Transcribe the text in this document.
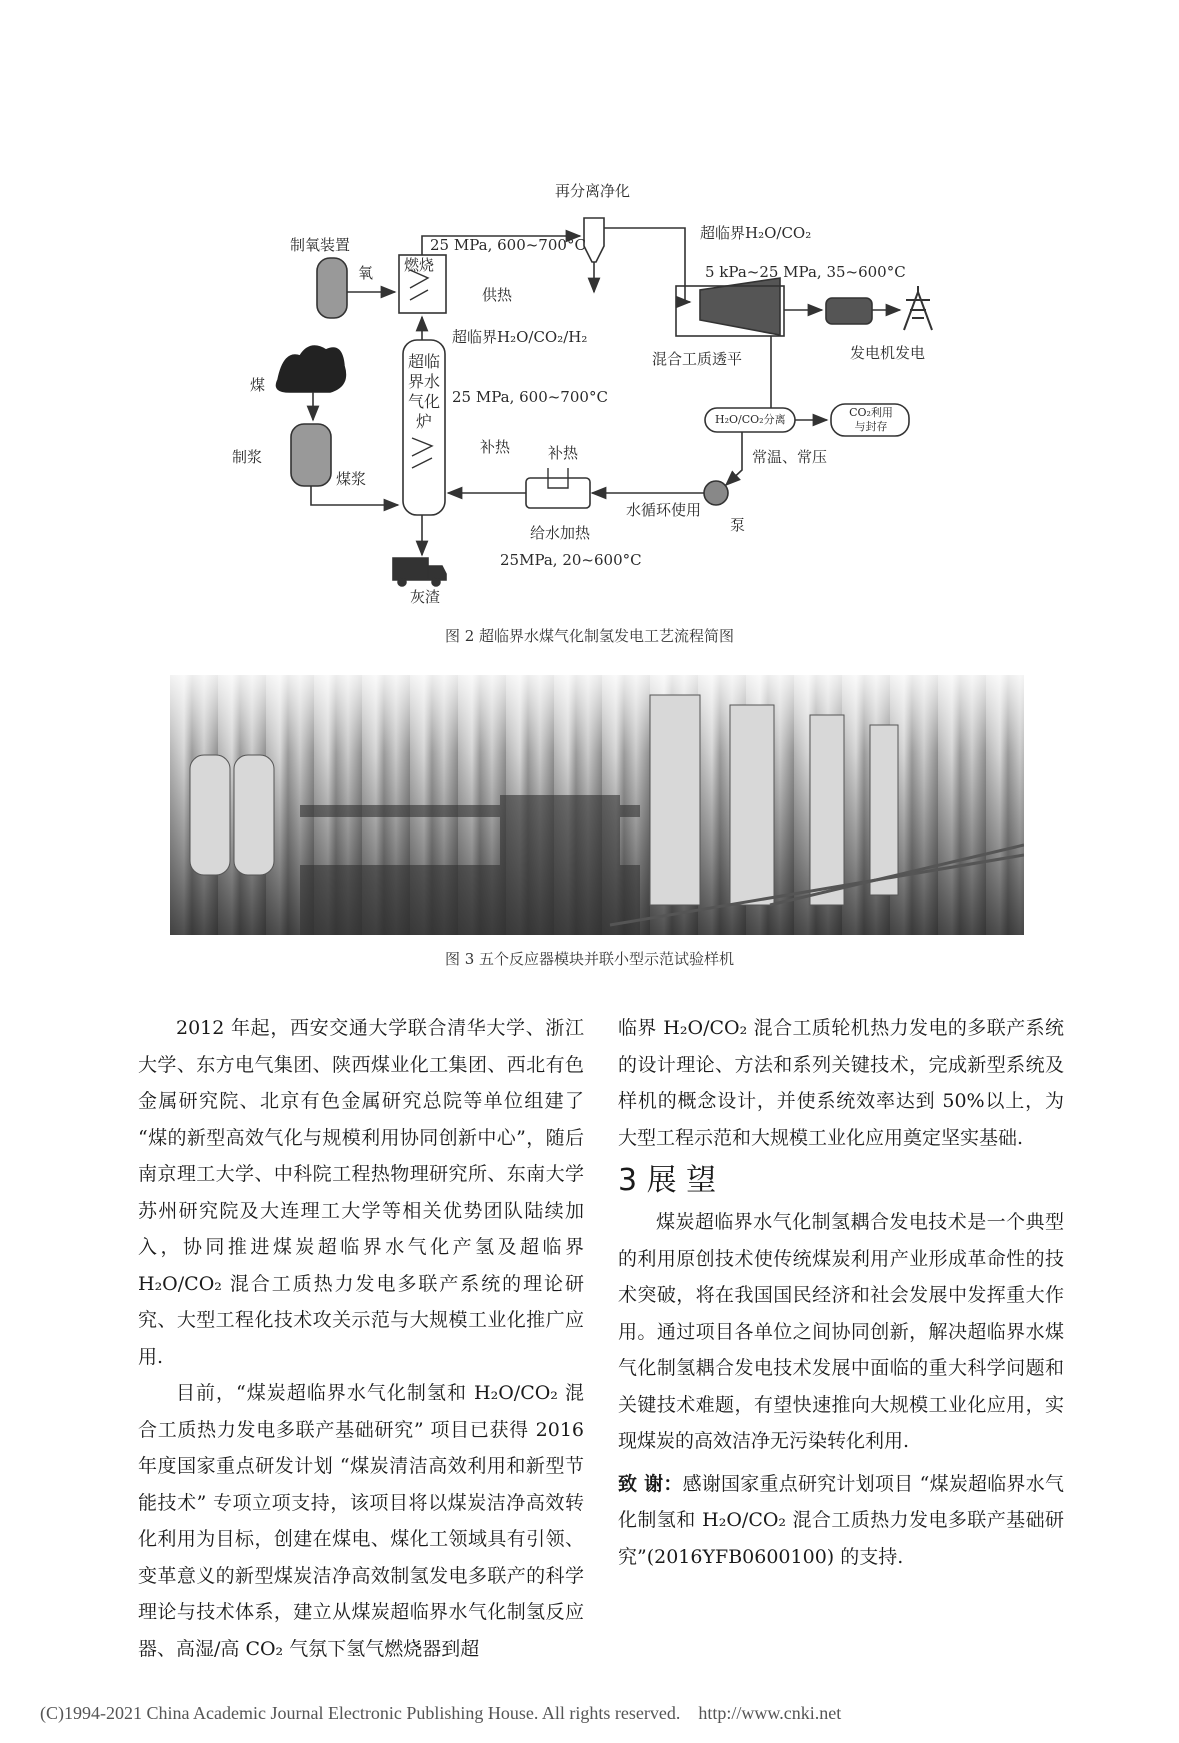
再分离净化
制氧装置
氧
25 MPa, 600~700°C
燃烧
供热
超临界H₂O/CO₂
5 kPa~25 MPa, 35~600°C
超临界H₂O/CO₂/H₂
混合工质透平	发电机发电
煤
超临界水气化炉
25 MPa, 600~700°C
H₂O/CO₂分离
CO₂利用与封存
制浆
补热	补热	常温、常压
煤浆
水循环使用
泵
给水加热
25MPa, 20~600°C
灰渣
图 2 超临界水煤气化制氢发电工艺流程简图
图 3 五个反应器模块并联小型示范试验样机

2012 年起，西安交通大学联合清华大学、浙江大学、东方电气集团、陕西煤业化工集团、西北有色金属研究院、北京有色金属研究总院等单位组建了 “煤的新型高效气化与规模利用协同创新中心”，随后南京理工大学、中科院工程热物理研究所、东南大学苏州研究院及大连理工大学等相关优势团队陆续加入，协同推进煤炭超临界水气化产氢及超临界 H₂O/CO₂ 混合工质热力发电多联产系统的理论研究、大型工程化技术攻关示范与大规模工业化推广应用.

目前，“煤炭超临界水气化制氢和 H₂O/CO₂ 混合工质热力发电多联产基础研究” 项目已获得 2016 年度国家重点研发计划 “煤炭清洁高效利用和新型节能技术” 专项立项支持，该项目将以煤炭洁净高效转化利用为目标，创建在煤电、煤化工领域具有引领、变革意义的新型煤炭洁净高效制氢发电多联产的科学理论与技术体系，建立从煤炭超临界水气化制氢反应器、高湿/高 CO₂ 气氛下氢气燃烧器到超

临界 H₂O/CO₂ 混合工质轮机热力发电的多联产系统的设计理论、方法和系列关键技术，完成新型系统及样机的概念设计，并使系统效率达到 50%以上，为大型工程示范和大规模工业化应用奠定坚实基础.

3 展 望

煤炭超临界水气化制氢耦合发电技术是一个典型的利用原创技术使传统煤炭利用产业形成革命性的技术突破，将在我国国民经济和社会发展中发挥重大作用。通过项目各单位之间协同创新，解决超临界水煤气化制氢耦合发电技术发展中面临的重大科学问题和关键技术难题，有望快速推向大规模工业化应用，实现煤炭的高效洁净无污染转化利用.

致 谢：感谢国家重点研究计划项目 “煤炭超临界水气化制氢和 H₂O/CO₂ 混合工质热力发电多联产基础研究”(2016YFB0600100) 的支持.

(C)1994-2021 China Academic Journal Electronic Publishing House. All rights reserved.    http://www.cnki.net
